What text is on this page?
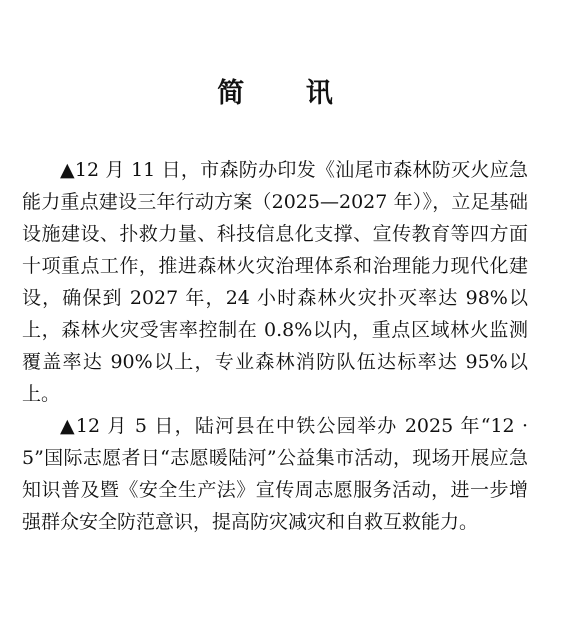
简 讯

▲12 月 11 日，市森防办印发《汕尾市森林防灭火应急能力重点建设三年行动方案（2025—2027 年）》，立足基础设施建设、扑救力量、科技信息化支撑、宣传教育等四方面十项重点工作，推进森林火灾治理体系和治理能力现代化建设，确保到 2027 年，24 小时森林火灾扑灭率达 98%以上，森林火灾受害率控制在 0.8%以内，重点区域林火监测覆盖率达 90%以上，专业森林消防队伍达标率达 95%以上。

▲12 月 5 日，陆河县在中铁公园举办 2025 年“12 · 5”国际志愿者日“志愿暖陆河”公益集市活动，现场开展应急知识普及暨《安全生产法》宣传周志愿服务活动，进一步增强群众安全防范意识，提高防灾减灾和自救互救能力。
